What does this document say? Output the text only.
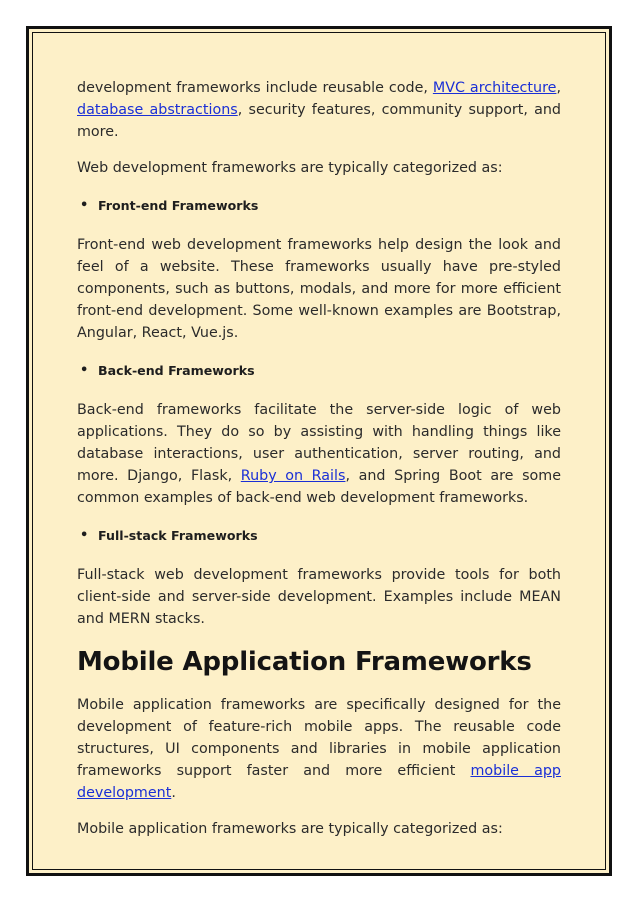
development frameworks include reusable code, MVC architecture, database abstractions, security features, community support, and more.

Web development frameworks are typically categorized as:

• Front-end Frameworks

Front-end web development frameworks help design the look and feel of a website. These frameworks usually have pre-styled components, such as buttons, modals, and more for more efficient front-end development. Some well-known examples are Bootstrap, Angular, React, Vue.js.

• Back-end Frameworks

Back-end frameworks facilitate the server-side logic of web applications. They do so by assisting with handling things like database interactions, user authentication, server routing, and more. Django, Flask, Ruby on Rails, and Spring Boot are some common examples of back-end web development frameworks.

• Full-stack Frameworks

Full-stack web development frameworks provide tools for both client-side and server-side development. Examples include MEAN and MERN stacks.

Mobile Application Frameworks

Mobile application frameworks are specifically designed for the development of feature-rich mobile apps. The reusable code structures, UI components and libraries in mobile application frameworks support faster and more efficient mobile app development.

Mobile application frameworks are typically categorized as:
